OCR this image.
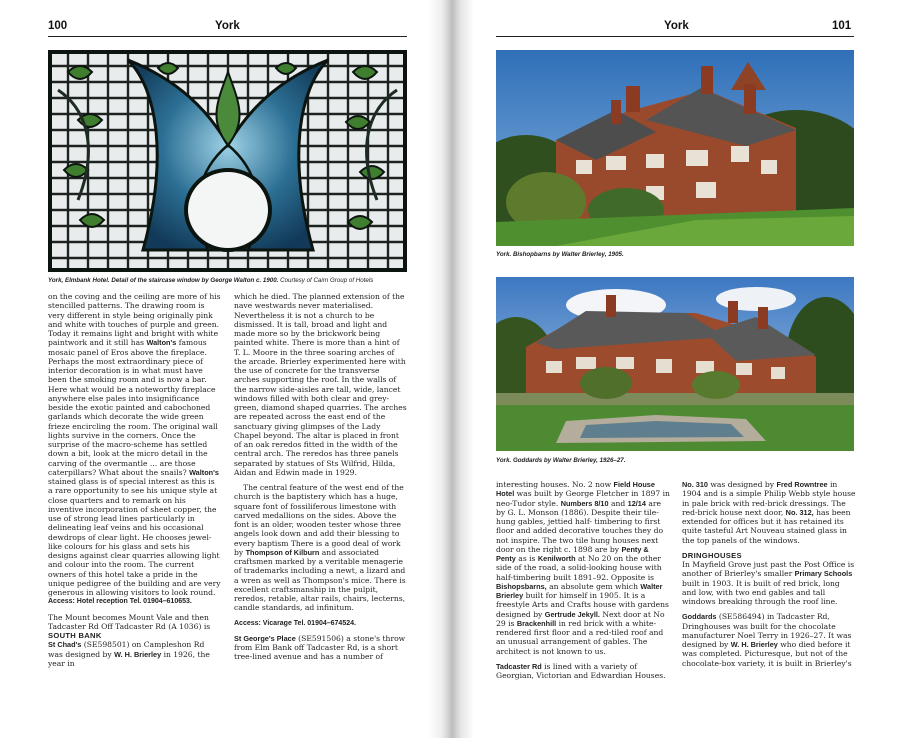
100	York
York, Elmbank Hotel. Detail of the staircase window by George Walton c. 1900. Courtesy of Cairn Group of Hotels

on the coving and the ceiling are more of his stencilled patterns. The drawing room is very different in style being originally pink and white with touches of purple and green. Today it remains light and bright with white paintwork and it still has Walton's famous mosaic panel of Eros above the fireplace. Perhaps the most extraordinary piece of interior decoration is in what must have been the smoking room and is now a bar. Here what would be a noteworthy fireplace anywhere else pales into insignificance beside the exotic painted and cabochoned garlands which decorate the wide green frieze encircling the room. The original wall lights survive in the corners. Once the surprise of the macro-scheme has settled down a bit, look at the micro detail in the carving of the overmantle ... are those caterpillars? What about the snails? Walton's stained glass is of special interest as this is a rare opportunity to see his unique style at close quarters and to remark on his inventive incorporation of sheet copper, the use of strong lead lines particularly in delineating leaf veins and his occasional dewdrops of clear light. He chooses jewel-like colours for his glass and sets his designs against clear quarries allowing light and colour into the room. The current owners of this hotel take a pride in the unique pedigree of the building and are very generous in allowing visitors to look round.

Access: Hotel reception Tel. 01904–610653.

The Mount becomes Mount Vale and then Tadcaster Rd Off Tadcaster Rd (A 1036) is

SOUTH BANK

St Chad's (SE598501) on Campleshon Rd was designed by W. H. Brierley in 1926, the year in

which he died. The planned extension of the nave westwards never materialised. Nevertheless it is not a church to be dismissed. It is tall, broad and light and made more so by the brickwork being painted white. There is more than a hint of T. L. Moore in the three soaring arches of the arcade. Brierley experimented here with the use of concrete for the transverse arches supporting the roof. In the walls of the narrow side-aisles are tall, wide, lancet windows filled with both clear and grey-green, diamond shaped quarries. The arches are repeated across the east end of the sanctuary giving glimpses of the Lady Chapel beyond. The altar is placed in front of an oak reredos fitted in the width of the central arch. The reredos has three panels separated by statues of Sts Wilfrid, Hilda, Aidan and Edwin made in 1929.

The central feature of the west end of the church is the baptistery which has a huge, square font of fossiliferous limestone with carved medallions on the sides. Above the font is an older, wooden tester whose three angels look down and add their blessing to every baptism There is a good deal of work by Thompson of Kilburn and associated craftsmen marked by a veritable menagerie of trademarks including a newt, a lizard and a wren as well as Thompson's mice. There is excellent craftsmanship in the pulpit, reredos, retable, altar rails, chairs, lecterns, candle standards, ad infinitum.

Access: Vicarage Tel. 01904–674524.

St George's Place (SE591506) a stone's throw from Elm Bank off Tadcaster Rd, is a short tree-lined avenue and has a number of

York	101
York. Bishopbarns by Walter Brierley, 1905.
York. Goddards by Walter Brierley, 1926–27.

interesting houses. No. 2 now Field House Hotel was built by George Fletcher in 1897 in neo-Tudor style. Numbers 8/10 and 12/14 are by G. L. Monson (1886). Despite their tile-hung gables, jettied half- timbering to first floor and added decorative touches they do not inspire. The two tile hung houses next door on the right c. 1898 are by Penty & Penty as is Kenilworth at No 20 on the other side of the road, a solid-looking house with half-timbering built 1891–92. Opposite is Bishopsbarns, an absolute gem which Walter Brierley built for himself in 1905. It is a freestyle Arts and Crafts house with gardens designed by Gertrude Jekyll. Next door at No 29 is Brackenhill in red brick with a white-rendered first floor and a red-tiled roof and an unusual arrangement of gables. The architect is not known to us.

Tadcaster Rd is lined with a variety of Georgian, Victorian and Edwardian Houses.

No. 310 was designed by Fred Rowntree in 1904 and is a simple Philip Webb style house in pale brick with red-brick dressings. The red-brick house next door, No. 312, has been extended for offices but it has retained its quite tasteful Art Nouveau stained glass in the top panels of the windows.

DRINGHOUSES

In Mayfield Grove just past the Post Office is another of Brierley's smaller Primary Schools built in 1903. It is built of red brick, long and low, with two end gables and tall windows breaking through the roof line.

Goddards (SE586494) in Tadcaster Rd, Dringhouses was built for the chocolate manufacturer Noel Terry in 1926–27. It was designed by W. H. Brierley who died before it was completed. Picturesque, but not of the chocolate-box variety, it is built in Brierley's
